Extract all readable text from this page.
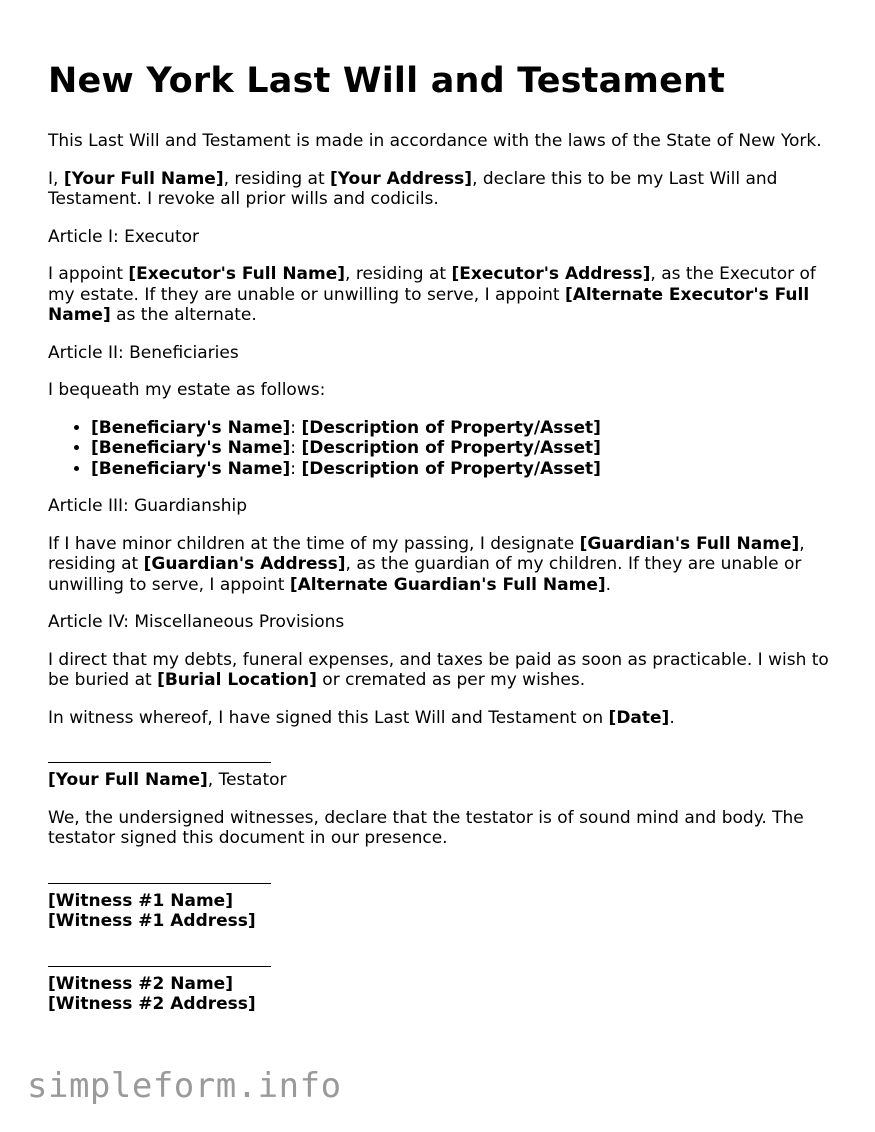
New York Last Will and Testament

This Last Will and Testament is made in accordance with the laws of the State of New York.

I, [Your Full Name], residing at [Your Address], declare this to be my Last Will and Testament. I revoke all prior wills and codicils.

Article I: Executor

I appoint [Executor's Full Name], residing at [Executor's Address], as the Executor of my estate. If they are unable or unwilling to serve, I appoint [Alternate Executor's Full Name] as the alternate.

Article II: Beneficiaries

I bequeath my estate as follows:

• [Beneficiary's Name]: [Description of Property/Asset]
• [Beneficiary's Name]: [Description of Property/Asset]
• [Beneficiary's Name]: [Description of Property/Asset]

Article III: Guardianship

If I have minor children at the time of my passing, I designate [Guardian's Full Name], residing at [Guardian's Address], as the guardian of my children. If they are unable or unwilling to serve, I appoint [Alternate Guardian's Full Name].

Article IV: Miscellaneous Provisions

I direct that my debts, funeral expenses, and taxes be paid as soon as practicable. I wish to be buried at [Burial Location] or cremated as per my wishes.

In witness whereof, I have signed this Last Will and Testament on [Date].

[Your Full Name], Testator

We, the undersigned witnesses, declare that the testator is of sound mind and body. The testator signed this document in our presence.

[Witness #1 Name]
[Witness #1 Address]
[Witness #2 Name]
[Witness #2 Address]
simpleform.info
